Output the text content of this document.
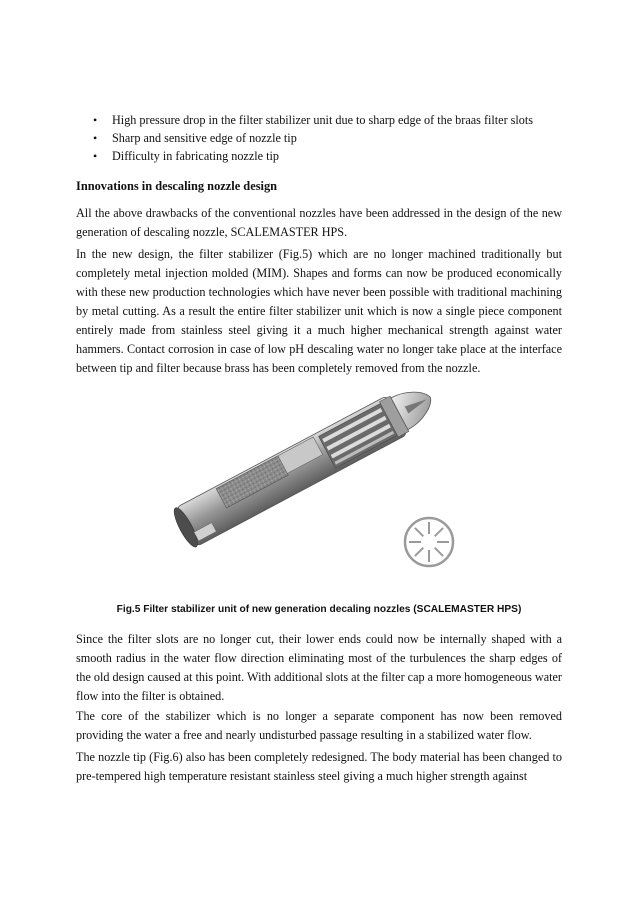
• High pressure drop in the filter stabilizer unit due to sharp edge of the braas filter slots
• Sharp and sensitive edge of nozzle tip
• Difficulty in fabricating nozzle tip
Innovations in descaling nozzle design

All the above drawbacks of the conventional nozzles have been addressed in the design of the new generation of descaling nozzle, SCALEMASTER HPS.

In the new design, the filter stabilizer (Fig.5) which are no longer machined traditionally but completely metal injection molded (MIM). Shapes and forms can now be produced economically with these new production technologies which have never been possible with traditional machining by metal cutting. As a result the entire filter stabilizer unit which is now a single piece component entirely made from stainless steel giving it a much higher mechanical strength against water hammers. Contact corrosion in case of low pH descaling water no longer take place at the interface between tip and filter because brass has been completely removed from the nozzle.

Fig.5 Filter stabilizer unit of new generation decaling nozzles (SCALEMASTER HPS)

Since the filter slots are no longer cut, their lower ends could now be internally shaped with a smooth radius in the water flow direction eliminating most of the turbulences the sharp edges of the old design caused at this point. With additional slots at the filter cap a more homogeneous water flow into the filter is obtained.

The core of the stabilizer which is no longer a separate component has now been removed providing the water a free and nearly undisturbed passage resulting in a stabilized water flow.

The nozzle tip (Fig.6) also has been completely redesigned. The body material has been changed to pre-tempered high temperature resistant stainless steel giving a much higher strength against
